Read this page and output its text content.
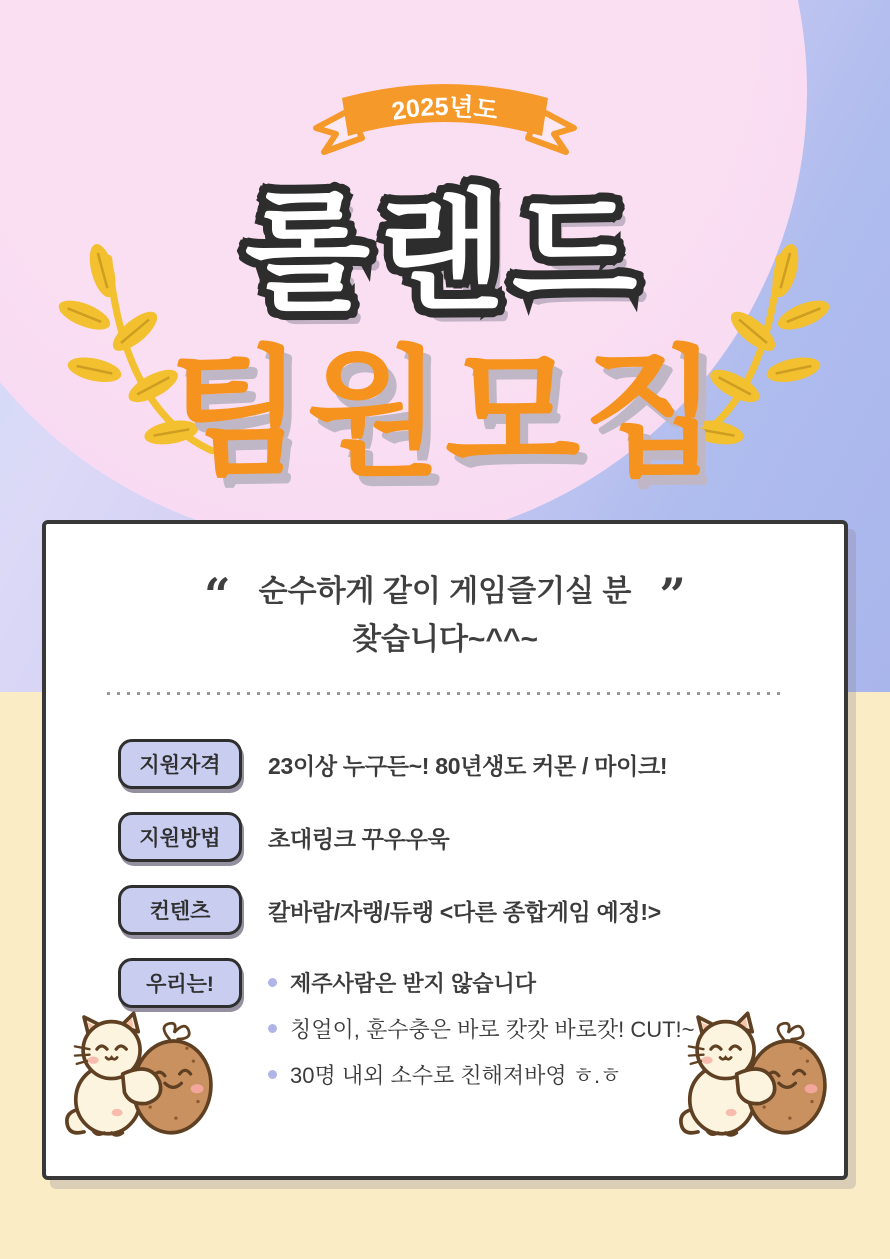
2025년도
롤랜드 롤랜드
팀원모집
“ 순수하게 같이 게임즐기실 분 ”
찾습니다~^^~
지원자격	23이상 누구든~! 80년생도 커몬 / 마이크!
지원방법	초대링크 꾸우우욱
컨텐츠	칼바람/자랭/듀랭 <다른 종합게임 예정!>
우리는!	제주사람은 받지 않습니다
칭얼이, 훈수충은 바로 캇캇 바로캇! CUT!~
30명 내외 소수로 친해져바영 ㅎ.ㅎ
